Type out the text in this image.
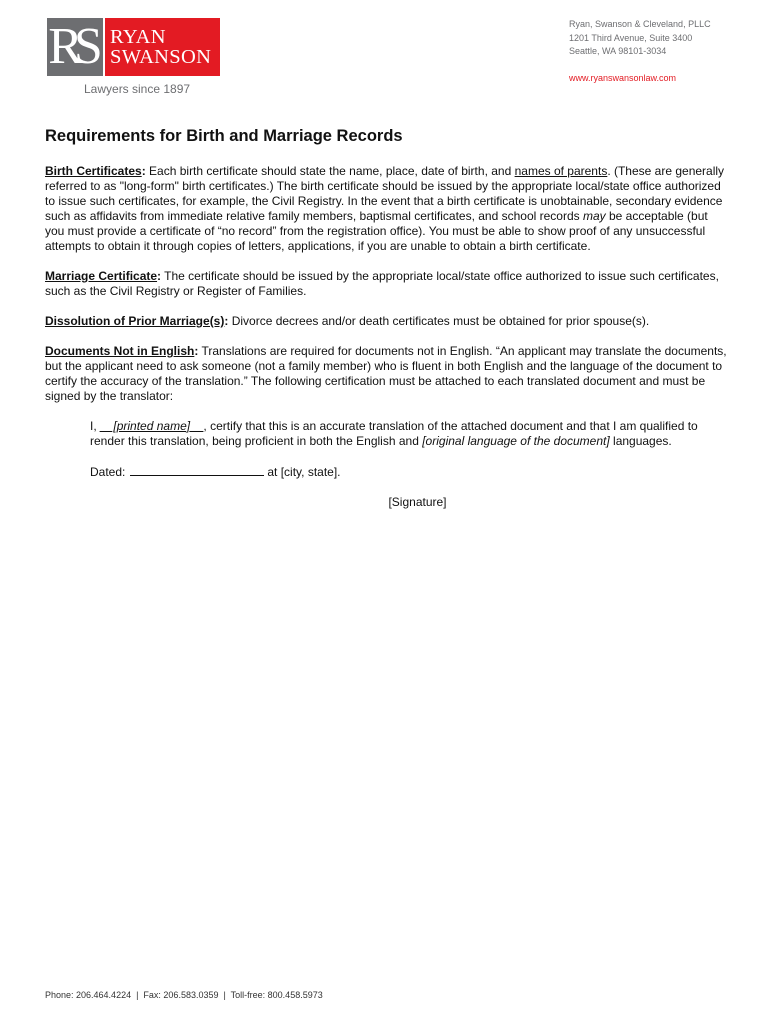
RS RYAN
SWANSON
Lawyers since 1897
Ryan, Swanson & Cleveland, PLLC
1201 Third Avenue, Suite 3400
Seattle, WA 98101-3034
www.ryanswansonlaw.com
Requirements for Birth and Marriage Records

Birth Certificates: Each birth certificate should state the name, place, date of birth, and names of parents. (These are generally referred to as "long-form" birth certificates.) The birth certificate should be issued by the appropriate local/state office authorized to issue such certificates, for example, the Civil Registry. In the event that a birth certificate is unobtainable, secondary evidence such as affidavits from immediate relative family members, baptismal certificates, and school records may be acceptable (but you must provide a certificate of “no record” from the registration office). You must be able to show proof of any unsuccessful attempts to obtain it through copies of letters, applications, if you are unable to obtain a birth certificate.

Marriage Certificate: The certificate should be issued by the appropriate local/state office authorized to issue such certificates, such as the Civil Registry or Register of Families.

Dissolution of Prior Marriage(s): Divorce decrees and/or death certificates must be obtained for prior spouse(s).

Documents Not in English: Translations are required for documents not in English. “An applicant may translate the documents, but the applicant need to ask someone (not a family member) who is fluent in both English and the language of the document to certify the accuracy of the translation.” The following certification must be attached to each translated document and must be signed by the translator:

I, __[printed name]__, certify that this is an accurate translation of the attached document and that I am qualified to render this translation, being proficient in both the English and [original language of the document] languages.

Dated:	at [city, state].

[Signature]

Phone: 206.464.4224  |  Fax: 206.583.0359  |  Toll-free: 800.458.5973
